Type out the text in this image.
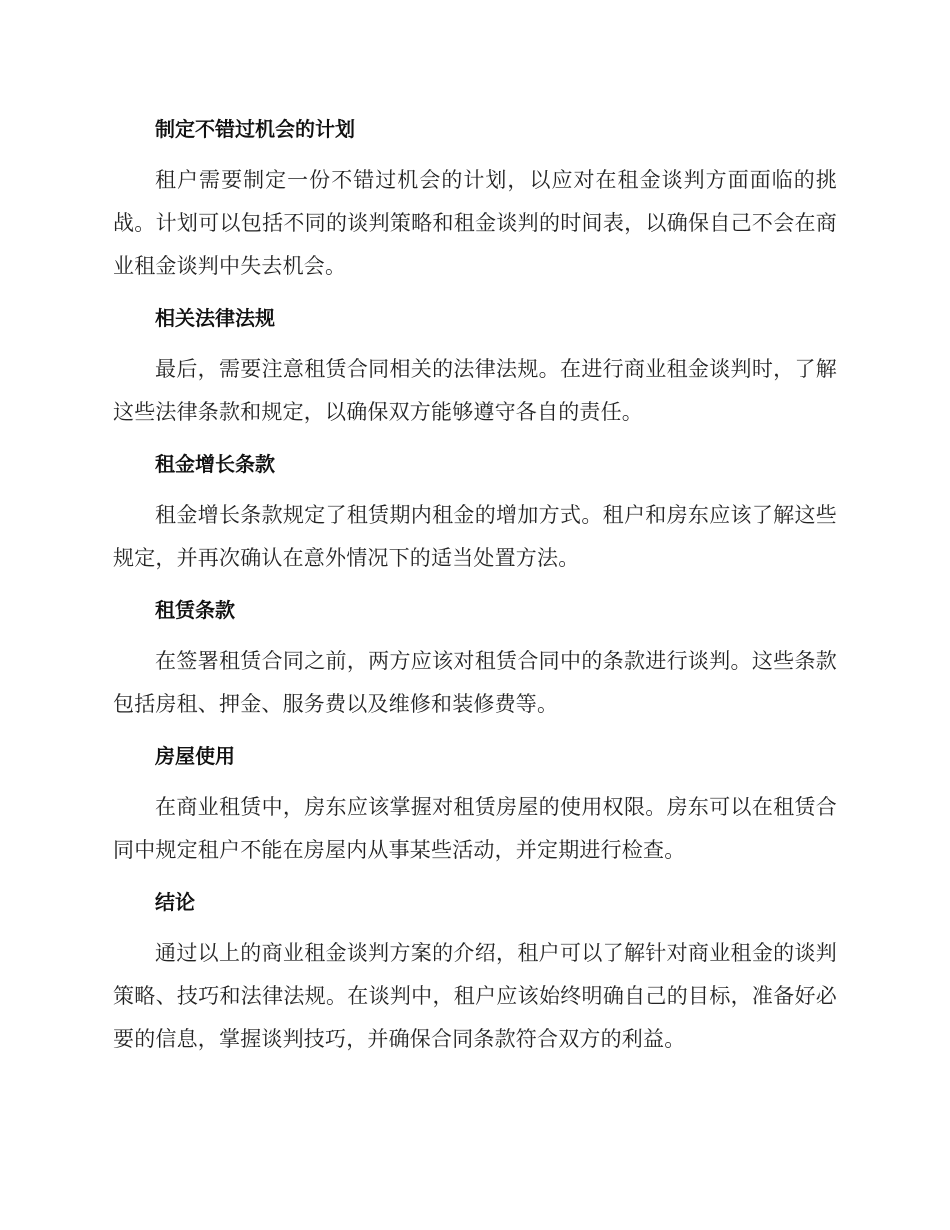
制定不错过机会的计划

租户需要制定一份不错过机会的计划，以应对在租金谈判方面面临的挑战。计划可以包括不同的谈判策略和租金谈判的时间表，以确保自己不会在商业租金谈判中失去机会。

相关法律法规

最后，需要注意租赁合同相关的法律法规。在进行商业租金谈判时，了解这些法律条款和规定，以确保双方能够遵守各自的责任。

租金增长条款

租金增长条款规定了租赁期内租金的增加方式。租户和房东应该了解这些规定，并再次确认在意外情况下的适当处置方法。

租赁条款

在签署租赁合同之前，两方应该对租赁合同中的条款进行谈判。这些条款包括房租、押金、服务费以及维修和装修费等。

房屋使用

在商业租赁中，房东应该掌握对租赁房屋的使用权限。房东可以在租赁合同中规定租户不能在房屋内从事某些活动，并定期进行检查。

结论

通过以上的商业租金谈判方案的介绍，租户可以了解针对商业租金的谈判策略、技巧和法律法规。在谈判中，租户应该始终明确自己的目标，准备好必要的信息，掌握谈判技巧，并确保合同条款符合双方的利益。
